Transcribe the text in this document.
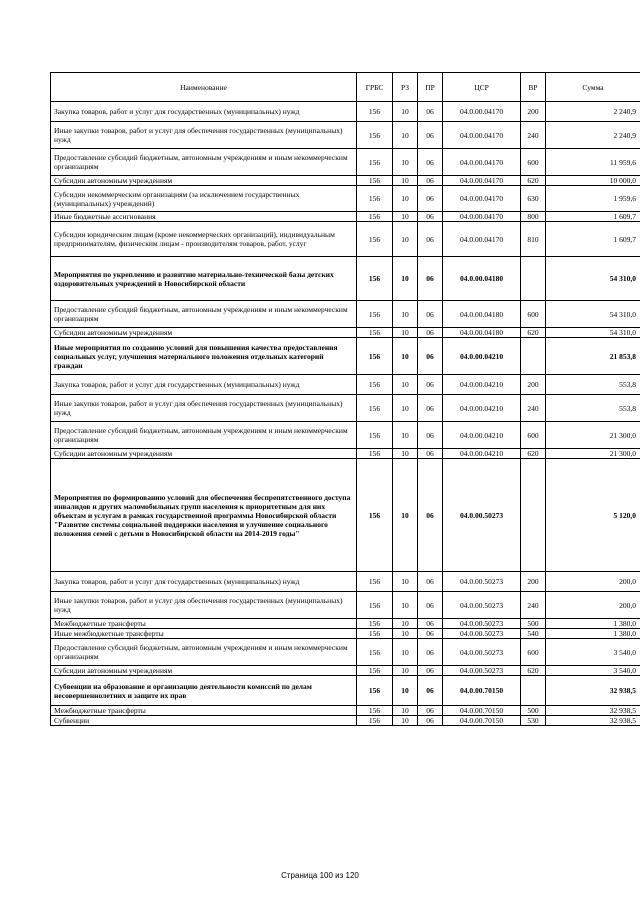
Наименование	ГРБС	РЗ	ПР	ЦСР	ВР	Сумма
Закупка товаров, работ и услуг для государственных (муниципальных) нужд	156	10	06	04.0.00.04170	200	2 240,9
Иные закупки товаров, работ и услуг для обеспечения государственных (муниципальных) нужд	156	10	06	04.0.00.04170	240	2 240,9
Предоставление субсидий бюджетным, автономным учреждениям и иным некоммерческим организациям	156	10	06	04.0.00.04170	600	11 959,6
Субсидии автономным учреждениям	156	10	06	04.0.00.04170	620	10 000,0
Субсидии некоммерческим организациям (за исключением государственных (муниципальных) учреждений)	156	10	06	04.0.00.04170	630	1 959,6
Иные бюджетные ассигнования	156	10	06	04.0.00.04170	800	1 609,7
Субсидии юридическим лицам (кроме некоммерческих организаций), индивидуальным предпринимателям, физическим лицам - производителям товаров, работ, услуг	156	10	06	04.0.00.04170	810	1 609,7
Мероприятия по укреплению и развитию материально-технической базы детских оздоровительных учреждений в Новосибирской области	156	10	06	04.0.00.04180		54 310,0
Предоставление субсидий бюджетным, автономным учреждениям и иным некоммерческим организациям	156	10	06	04.0.00.04180	600	54 310,0
Субсидии автономным учреждениям	156	10	06	04.0.00.04180	620	54 310,0
Иные мероприятия по созданию условий для повышения качества предоставления социальных услуг, улучшения материального положения отдельных категорий граждан	156	10	06	04.0.00.04210		21 853,8
Закупка товаров, работ и услуг для государственных (муниципальных) нужд	156	10	06	04.0.00.04210	200	553,8
Иные закупки товаров, работ и услуг для обеспечения государственных (муниципальных) нужд	156	10	06	04.0.00.04210	240	553,8
Предоставление субсидий бюджетным, автономным учреждениям и иным некоммерческим организациям	156	10	06	04.0.00.04210	600	21 300,0
Субсидии автономным учреждениям	156	10	06	04.0.00.04210	620	21 300,0
Мероприятия по формированию условий для обеспечения беспрепятственного доступа инвалидов и других маломобильных групп населения к приоритетным для них объектам и услугам в рамках государственной программы Новосибирской области "Развитие системы социальной поддержки населения и улучшение социального положения семей с детьми в Новосибирской области на 2014-2019 годы"	156	10	06	04.0.00.50273		5 120,0
Закупка товаров, работ и услуг для государственных (муниципальных) нужд	156	10	06	04.0.00.50273	200	200,0
Иные закупки товаров, работ и услуг для обеспечения государственных (муниципальных) нужд	156	10	06	04.0.00.50273	240	200,0
Межбюджетные трансферты	156	10	06	04.0.00.50273	500	1 380,0
Иные межбюджетные трансферты	156	10	06	04.0.00.50273	540	1 380,0
Предоставление субсидий бюджетным, автономным учреждениям и иным некоммерческим организациям	156	10	06	04.0.00.50273	600	3 540,0
Субсидии автономным учреждениям	156	10	06	04.0.00.50273	620	3 540,0
Субвенции на образование и организацию деятельности комиссий по делам несовершеннолетних и защите их прав	156	10	06	04.0.00.70150		32 938,5
Межбюджетные трансферты	156	10	06	04.0.00.70150	500	32 938,5
Субвенции	156	10	06	04.0.00.70150	530	32 938,5
Страница 100 из 120
